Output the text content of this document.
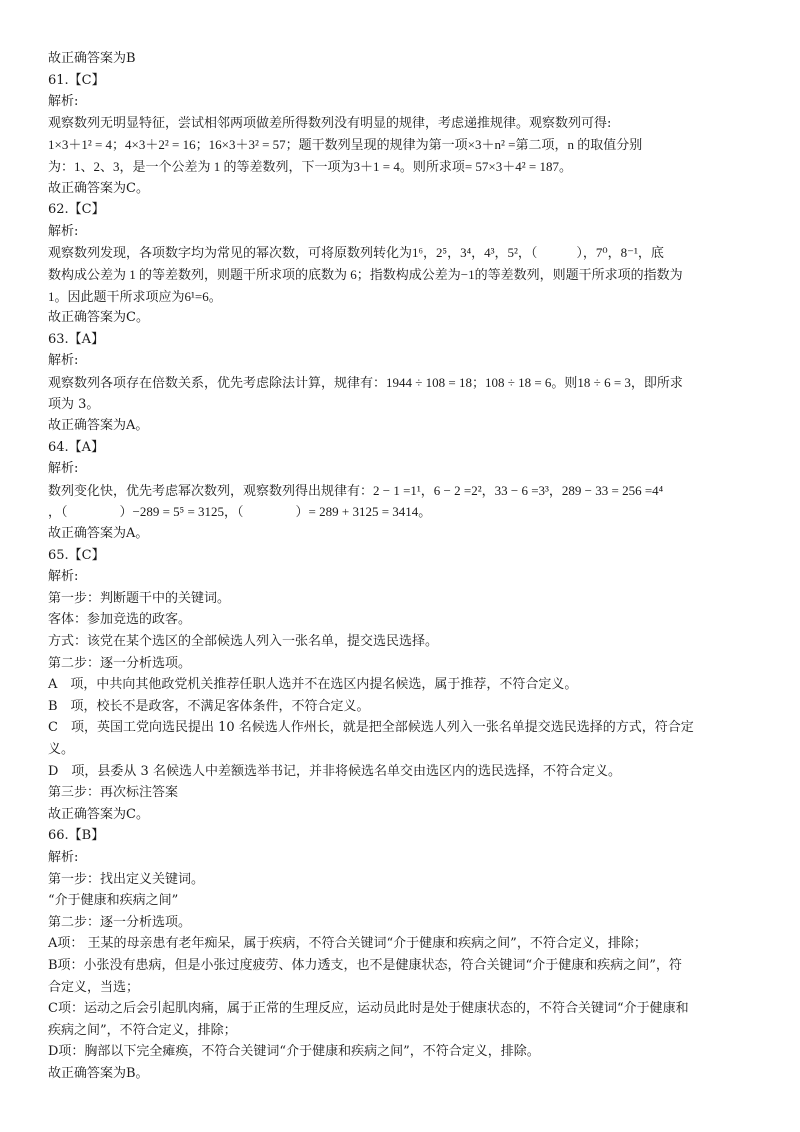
故正确答案为B
61.【C】
解析:
观察数列无明显特征，尝试相邻两项做差所得数列没有明显的规律，考虑递推规律。观察数列可得:
1×3＋1² = 4；4×3＋2² = 16；16×3＋3² = 57；题干数列呈现的规律为第一项×3＋n² =第二项，n 的取值分别
为：1、2、3，是一个公差为 1 的等差数列，下一项为3＋1 = 4。则所求项= 57×3＋4² = 187。
故正确答案为C。
62.【C】
解析:
观察数列发现，各项数字均为常见的幂次数，可将原数列转化为1⁶，2⁵，3⁴，4³，5²，（　　　），7⁰，8⁻¹，底
数构成公差为 1 的等差数列，则题干所求项的底数为 6；指数构成公差为−1的等差数列，则题干所求项的指数为
1。因此题干所求项应为6¹=6。
故正确答案为C。
63.【A】
解析:
观察数列各项存在倍数关系，优先考虑除法计算，规律有：1944 ÷ 108 = 18；108 ÷ 18 = 6。则18 ÷ 6 = 3，即所求
项为 3。
故正确答案为A。
64.【A】
解析:
数列变化快，优先考虑幂次数列，观察数列得出规律有：2 − 1 =1¹，6 − 2 =2²，33 − 6 =3³，289 − 33 = 256 =4⁴
，（　　　　）−289 = 5⁵ = 3125，（　　　　）= 289 + 3125 = 3414。
故正确答案为A。
65.【C】
解析:
第一步：判断题干中的关键词。
客体：参加竞选的政客。
方式：该党在某个选区的全部候选人列入一张名单，提交选民选择。
第二步：逐一分析选项。
A　项，中共向其他政党机关推荐任职人选并不在选区内提名候选，属于推荐，不符合定义。
B　项，校长不是政客，不满足客体条件，不符合定义。
C　项，英国工党向选民提出 10 名候选人作州长，就是把全部候选人列入一张名单提交选民选择的方式，符合定
义。
D　项，县委从 3 名候选人中差额选举书记，并非将候选名单交由选区内的选民选择，不符合定义。
第三步：再次标注答案
故正确答案为C。
66.【B】
解析:
第一步：找出定义关键词。
“介于健康和疾病之间”
第二步：逐一分析选项。
A项： 王某的母亲患有老年痴呆，属于疾病，不符合关键词“介于健康和疾病之间”，不符合定义，排除；
B项：小张没有患病，但是小张过度疲劳、体力透支，也不是健康状态，符合关键词“介于健康和疾病之间”，符
合定义，当选；
C项：运动之后会引起肌肉痛，属于正常的生理反应，运动员此时是处于健康状态的，不符合关键词“介于健康和
疾病之间”，不符合定义，排除；
D项：胸部以下完全瘫痪，不符合关键词“介于健康和疾病之间”，不符合定义，排除。
故正确答案为B。
